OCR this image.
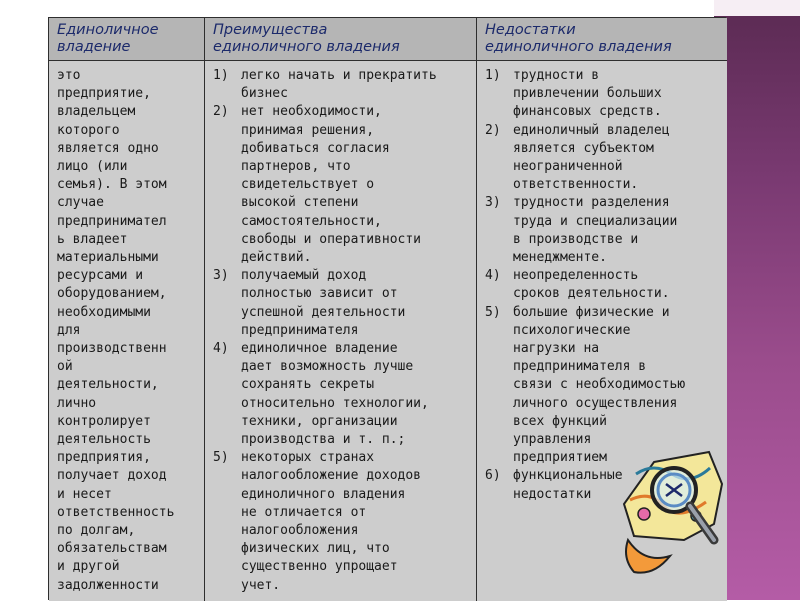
Единоличное
владение
Преимущества
единоличного владения
Недостатки
единоличного владения
это
предприятие,
владельцем
которого
является одно
лицо (или
семья). В этом
случае
предпринимател
ь владеет
материальными
ресурсами и
оборудованием,
необходимыми
для
производственн
ой
деятельности,
лично
контролирует
деятельность
предприятия,
получает доход
и несет
ответственность
по долгам,
обязательствам
и другой
задолженности
1) легко начать и прекратить
бизнес
2) нет необходимости,
принимая решения,
добиваться согласия
партнеров, что
свидетельствует о
высокой степени
самостоятельности,
свободы и оперативности
действий.
3) получаемый доход
полностью зависит от
успешной деятельности
предпринимателя
4) единоличное владение
дает возможность лучше
сохранять секреты
относительно технологии,
техники, организации
производства и т. п.;
5) некоторых странах
налогообложение доходов
единоличного владения
не отличается от
налогообложения
физических лиц, что
существенно упрощает
учет.
1) трудности в
привлечении больших
финансовых средств.
2) единоличный владелец
является субъектом
неограниченной
ответственности.
3) трудности разделения
труда и специализации
в производстве и
менеджменте.
4) неопределенность
сроков деятельности.
5) большие физические и
психологические
нагрузки на
предпринимателя в
связи с необходимостью
личного осуществления
всех функций
управления
предприятием
6) функциональные
недостатки
